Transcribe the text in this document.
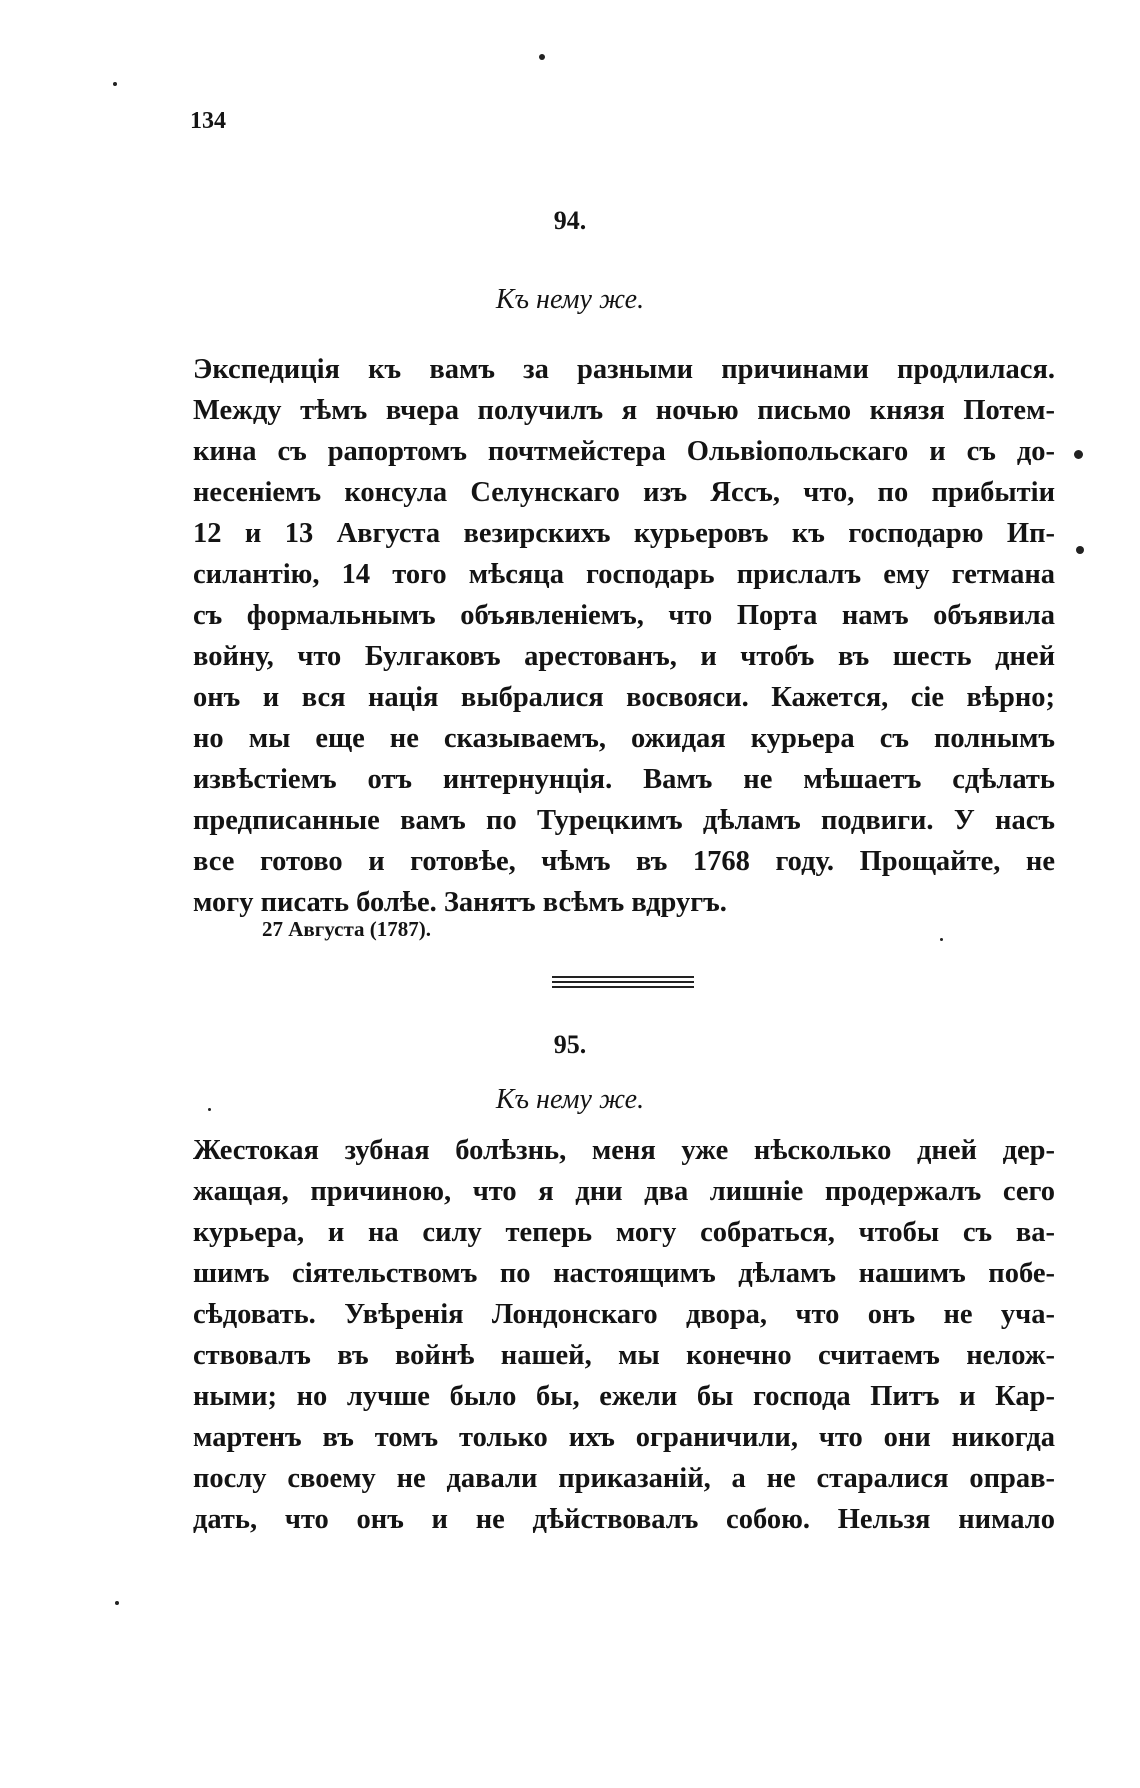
134
94.
Къ нему же.
Экспедиція къ вамъ за разными причинами продлилася.
Между тѣмъ вчера получилъ я ночью письмо князя Потем-
кина съ рапортомъ почтмейстера Ольвіопольскаго и съ до-
несеніемъ консула Селунскаго изъ Яссъ, что, по прибытіи
12 и 13 Августа везирскихъ курьеровъ къ господарю Ип-
силантію, 14 того мѣсяца господарь прислалъ ему гетмана
съ формальнымъ объявленіемъ, что Порта намъ объявила
войну, что Булгаковъ арестованъ, и чтобъ въ шесть дней
онъ и вся нація выбралися восвояси. Кажется, сіе вѣрно;
но мы еще не сказываемъ, ожидая курьера съ полнымъ
извѣстіемъ отъ интернунція. Вамъ не мѣшаетъ сдѣлать
предписанные вамъ по Турецкимъ дѣламъ подвиги. У насъ
все готово и готовѣе, чѣмъ въ 1768 году. Прощайте, не
могу писать болѣе. Занятъ всѣмъ вдругъ.
27 Августа (1787).
95.
Къ нему же.
Жестокая зубная болѣзнь, меня уже нѣсколько дней дер-
жащая, причиною, что я дни два лишніе продержалъ сего
курьера, и на силу теперь могу собраться, чтобы съ ва-
шимъ сіятельствомъ по настоящимъ дѣламъ нашимъ побе-
сѣдовать. Увѣренія Лондонскаго двора, что онъ не уча-
ствовалъ въ войнѣ нашей, мы конечно считаемъ нелож-
ными; но лучше было бы, ежели бы господа Питъ и Кар-
мартенъ въ томъ только ихъ ограничили, что они никогда
послу своему не давали приказаній, а не старалися оправ-
дать, что онъ и не дѣйствовалъ собою. Нельзя нимало
